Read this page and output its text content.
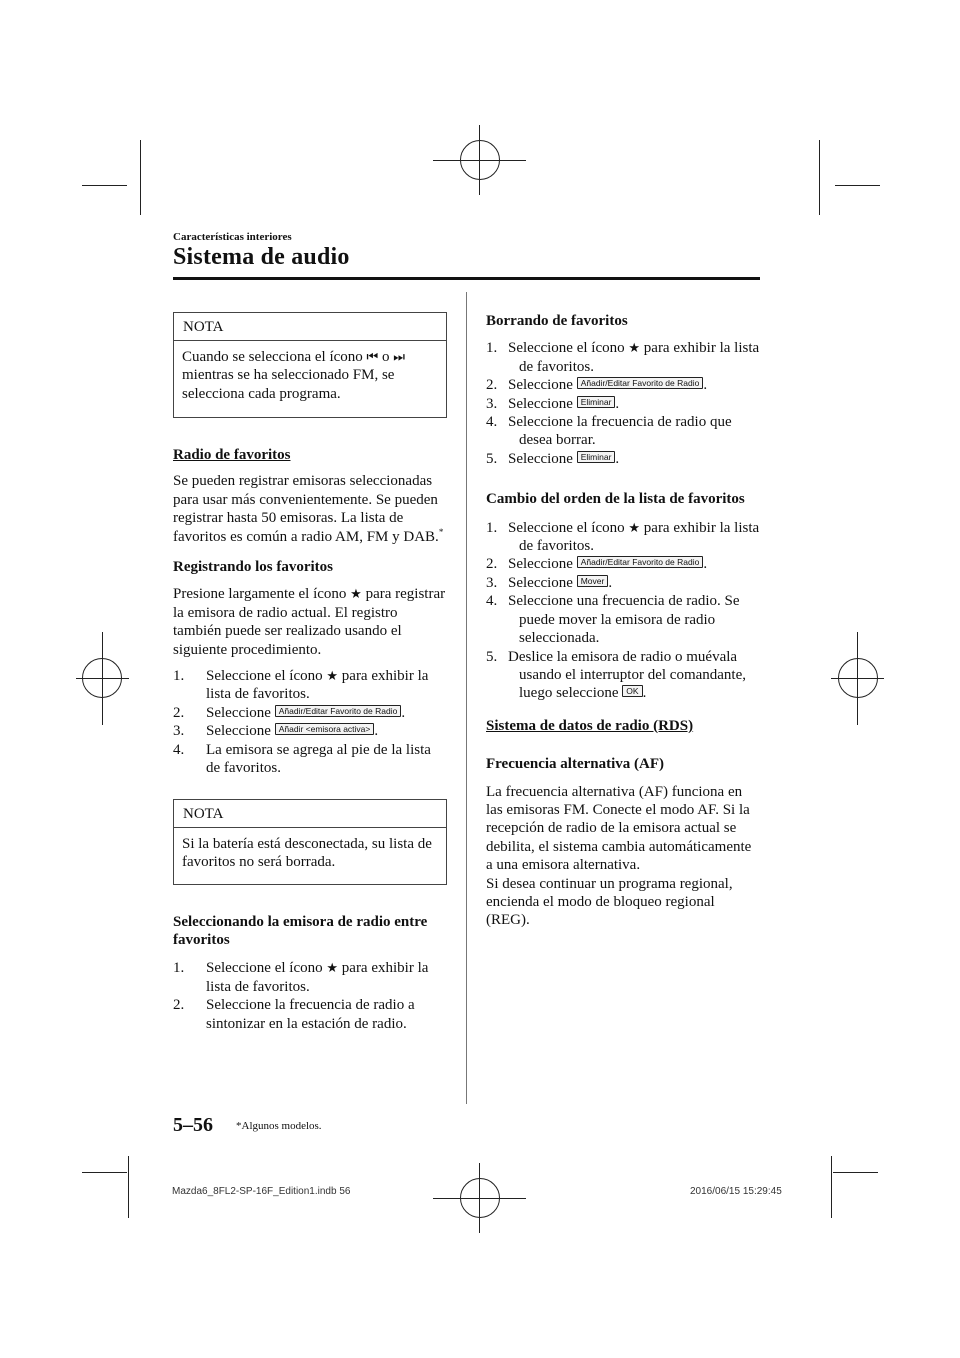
Características interiores
Sistema de audio
NOTA
Cuando se selecciona el ícono ⏮ o ⏭ mientras se ha seleccionado FM, se selecciona cada programa.

Radio de favoritos

Se pueden registrar emisoras seleccionadas para usar más convenientemente. Se pueden registrar hasta 50 emisoras. La lista de favoritos es común a radio AM, FM y DAB.*

Registrando los favoritos

Presione largamente el ícono ★ para registrar la emisora de radio actual. El registro también puede ser realizado usando el siguiente procedimiento.

1. Seleccione el ícono ★ para exhibir la lista de favoritos.
2. Seleccione Añadir/Editar Favorito de Radio .
3. Seleccione Añadir <emisora activa> .
4. La emisora se agrega al pie de la lista de favoritos.
NOTA
Si la batería está desconectada, su lista de favoritos no será borrada.

Seleccionando la emisora de radio entre favoritos

1. Seleccione el ícono ★ para exhibir la lista de favoritos.
2. Seleccione la frecuencia de radio a sintonizar en la estación de radio.

Borrando de favoritos

1. Seleccione el ícono ★ para exhibir la lista de favoritos.
2. Seleccione Añadir/Editar Favorito de Radio .
3. Seleccione Eliminar .
4. Seleccione la frecuencia de radio que desea borrar.
5. Seleccione Eliminar .

Cambio del orden de la lista de favoritos

1. Seleccione el ícono ★ para exhibir la lista de favoritos.
2. Seleccione Añadir/Editar Favorito de Radio .
3. Seleccione Mover .
4. Seleccione una frecuencia de radio. Se puede mover la emisora de radio seleccionada.
5. Deslice la emisora de radio o muévala usando el interruptor del comandante, luego seleccione OK .

Sistema de datos de radio (RDS)

Frecuencia alternativa (AF)

La frecuencia alternativa (AF) funciona en las emisoras FM. Conecte el modo AF. Si la recepción de radio de la emisora actual se debilita, el sistema cambia automáticamente a una emisora alternativa.

Si desea continuar un programa regional, encienda el modo de bloqueo regional (REG).

5–56 *Algunos modelos.
Mazda6_8FL2-SP-16F_Edition1.indb 56	2016/06/15 15:29:45
